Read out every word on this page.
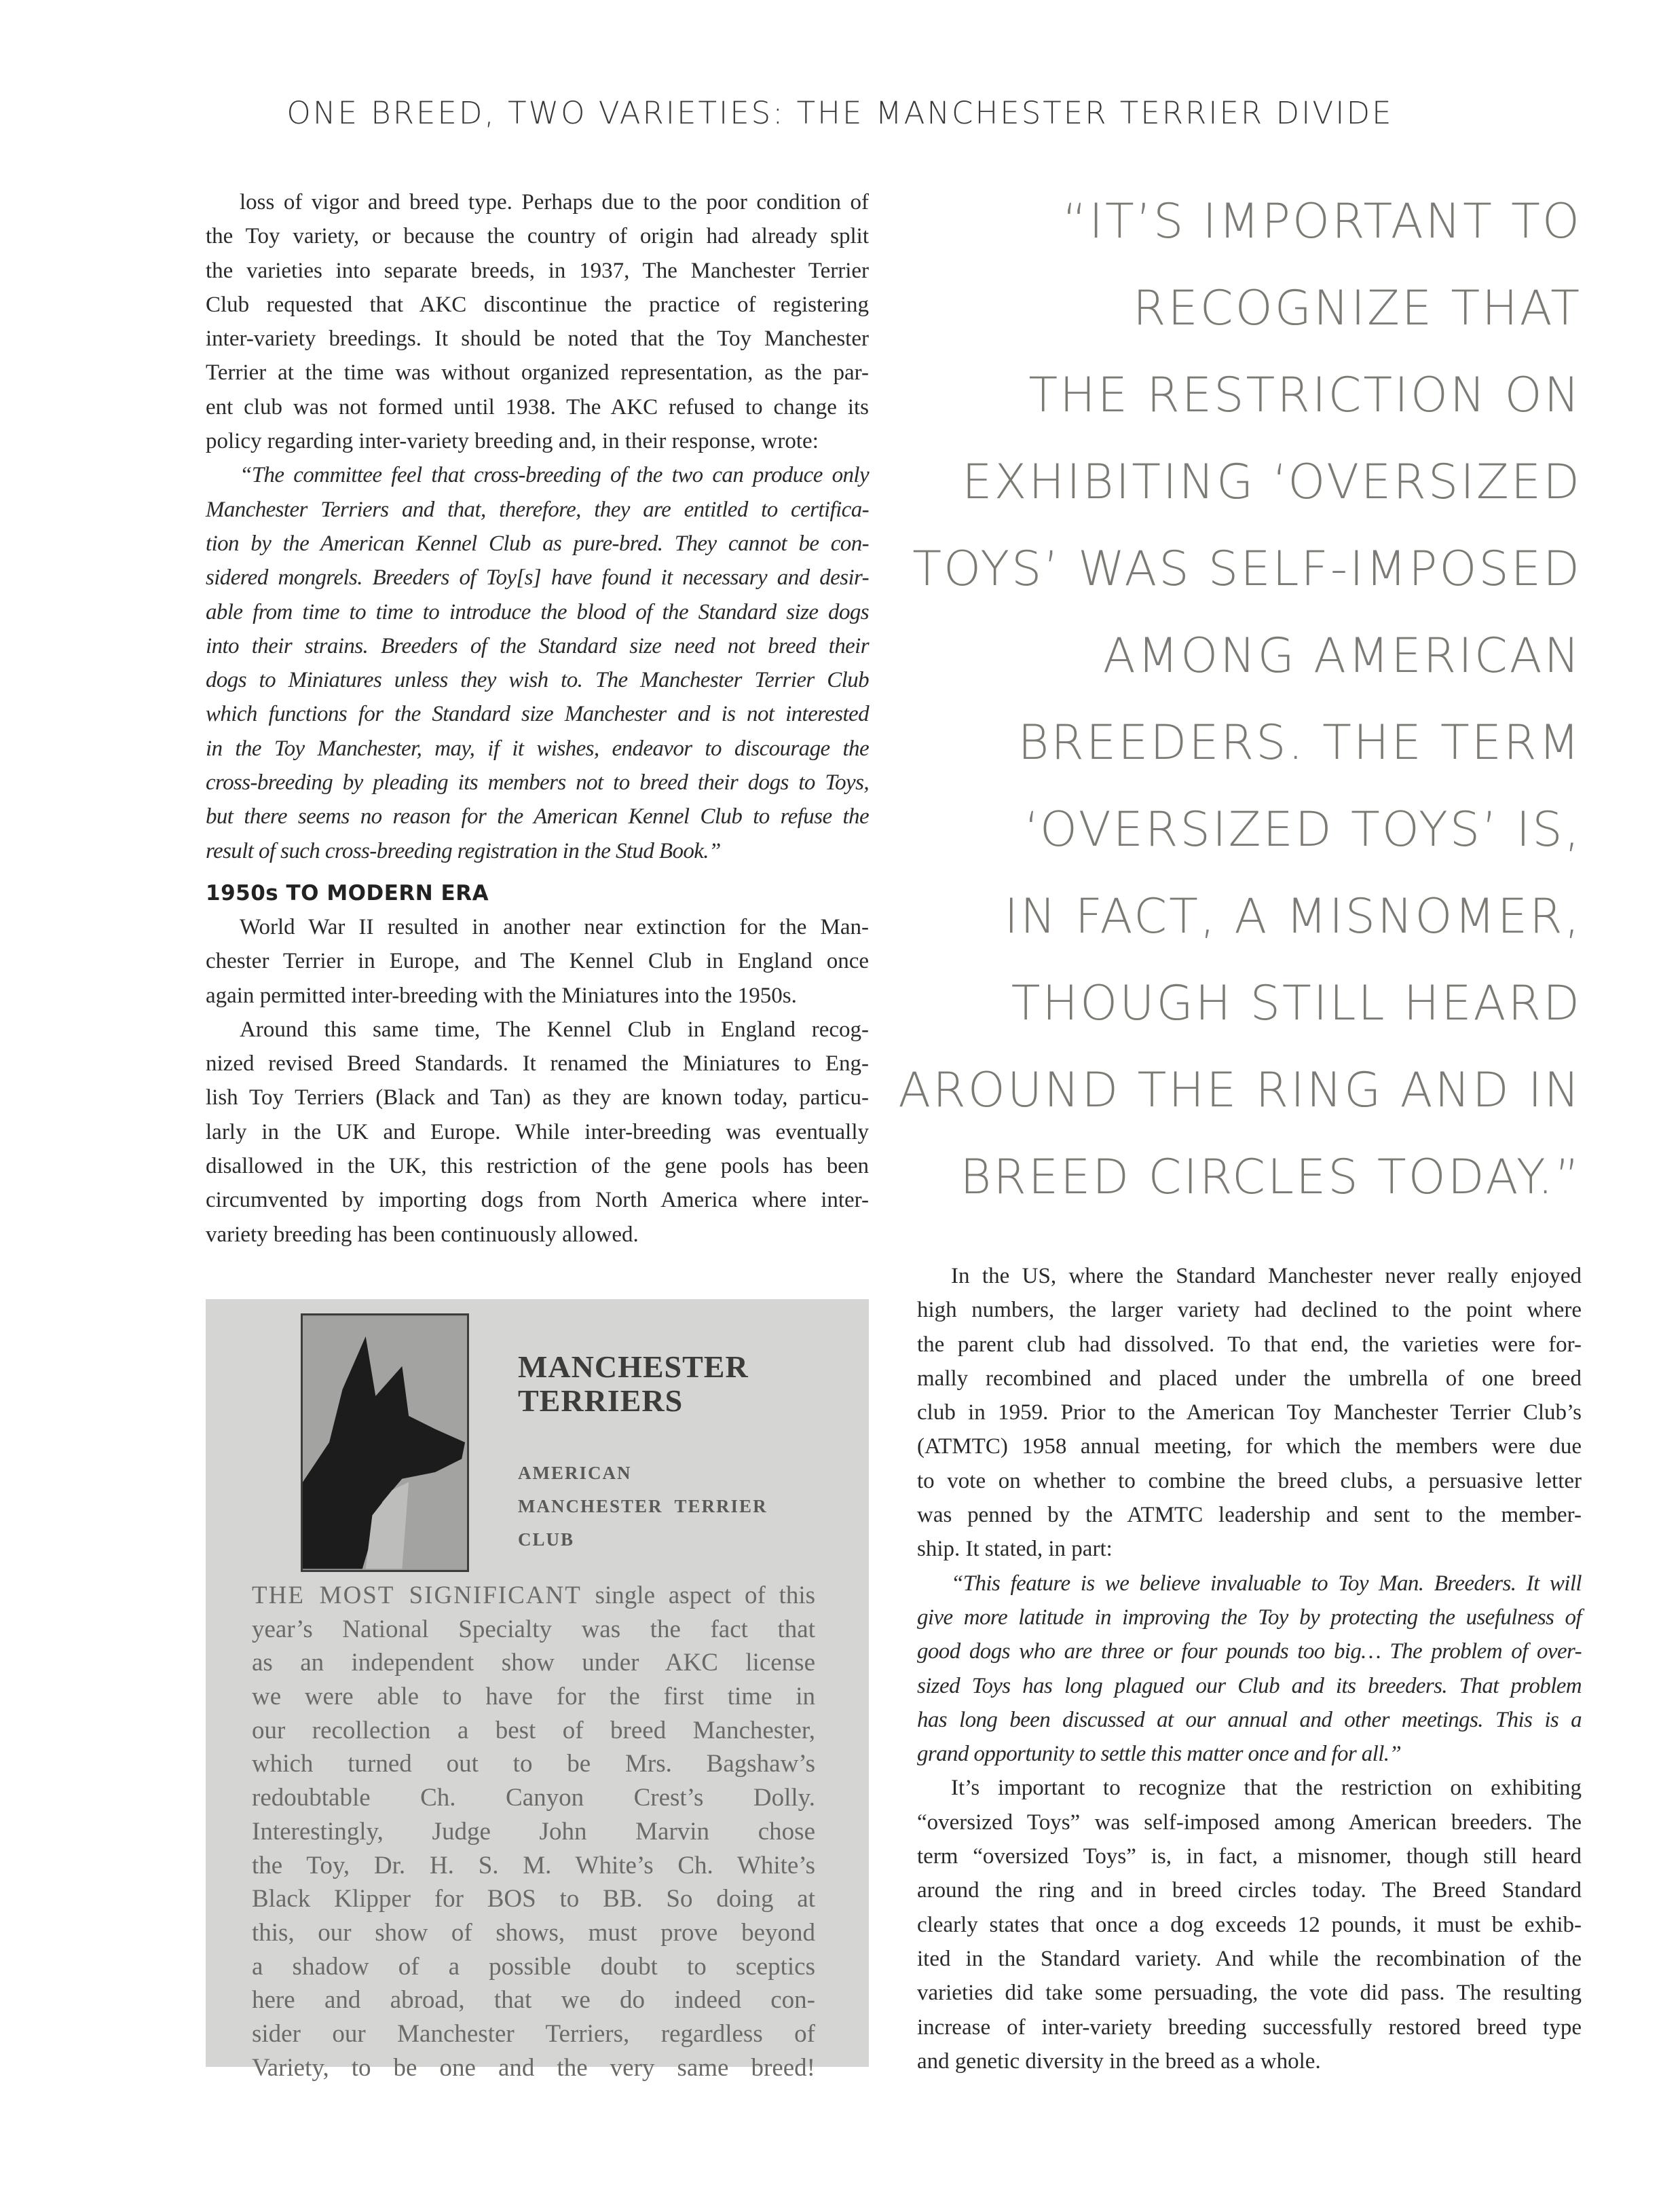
ONE BREED, TWO VARIETIES: THE MANCHESTER TERRIER DIVIDE
loss of vigor and breed type. Perhaps due to the poor condition of
the Toy variety, or because the country of origin had already split
the varieties into separate breeds, in 1937, The Manchester Terrier
Club requested that AKC discontinue the practice of registering
inter-variety breedings. It should be noted that the Toy Manchester
Terrier at the time was without organized representation, as the par-
ent club was not formed until 1938. The AKC refused to change its
policy regarding inter-variety breeding and, in their response, wrote:
“The committee feel that cross-breeding of the two can produce only
Manchester Terriers and that, therefore, they are entitled to certifica-
tion by the American Kennel Club as pure-bred. They cannot be con-
sidered mongrels. Breeders of Toy[s] have found it necessary and desir-
able from time to time to introduce the blood of the Standard size dogs
into their strains. Breeders of the Standard size need not breed their
dogs to Miniatures unless they wish to. The Manchester Terrier Club
which functions for the Standard size Manchester and is not interested
in the Toy Manchester, may, if it wishes, endeavor to discourage the
cross-breeding by pleading its members not to breed their dogs to Toys,
but there seems no reason for the American Kennel Club to refuse the
result of such cross-breeding registration in the Stud Book.”
1950s TO MODERN ERA
World War II resulted in another near extinction for the Man-
chester Terrier in Europe, and The Kennel Club in England once
again permitted inter-breeding with the Miniatures into the 1950s.
Around this same time, The Kennel Club in England recog-
nized revised Breed Standards. It renamed the Miniatures to Eng-
lish Toy Terriers (Black and Tan) as they are known today, particu-
larly in the UK and Europe. While inter-breeding was eventually
disallowed in the UK, this restriction of the gene pools has been
circumvented by importing dogs from North America where inter-
variety breeding has been continuously allowed.
“IT’S IMPORTANT TO
RECOGNIZE THAT
THE RESTRICTION ON
EXHIBITING ‘OVERSIZED
TOYS’ WAS SELF-IMPOSED
AMONG AMERICAN
BREEDERS. THE TERM
‘OVERSIZED TOYS’ IS,
IN FACT, A MISNOMER,
THOUGH STILL HEARD
AROUND THE RING AND IN
BREED CIRCLES TODAY.”
In the US, where the Standard Manchester never really enjoyed
high numbers, the larger variety had declined to the point where
the parent club had dissolved. To that end, the varieties were for-
mally recombined and placed under the umbrella of one breed
club in 1959. Prior to the American Toy Manchester Terrier Club’s
(ATMTC) 1958 annual meeting, for which the members were due
to vote on whether to combine the breed clubs, a persuasive letter
was penned by the ATMTC leadership and sent to the member-
ship. It stated, in part:
“This feature is we believe invaluable to Toy Man. Breeders. It will
give more latitude in improving the Toy by protecting the usefulness of
good dogs who are three or four pounds too big… The problem of over-
sized Toys has long plagued our Club and its breeders. That problem
has long been discussed at our annual and other meetings. This is a
grand opportunity to settle this matter once and for all.”
It’s important to recognize that the restriction on exhibiting
“oversized Toys” was self-imposed among American breeders. The
term “oversized Toys” is, in fact, a misnomer, though still heard
around the ring and in breed circles today. The Breed Standard
clearly states that once a dog exceeds 12 pounds, it must be exhib-
ited in the Standard variety. And while the recombination of the
varieties did take some persuading, the vote did pass. The resulting
increase of inter-variety breeding successfully restored breed type
and genetic diversity in the breed as a whole.
MANCHESTER
TERRIERS
AMERICAN
MANCHESTER  TERRIER
CLUB
THE MOST SIGNIFICANT single aspect of this
year’s National Specialty was the fact that
as an independent show under AKC license
we were able to have for the first time in
our recollection a best of breed Manchester,
which turned out to be Mrs. Bagshaw’s
redoubtable Ch. Canyon Crest’s Dolly.
Interestingly, Judge John Marvin chose
the Toy, Dr. H. S. M. White’s Ch. White’s
Black Klipper for BOS to BB. So doing at
this, our show of shows, must prove beyond
a shadow of a possible doubt to sceptics
here and abroad, that we do indeed con-
sider our Manchester Terriers, regardless of
Variety, to be one and the very same breed!
